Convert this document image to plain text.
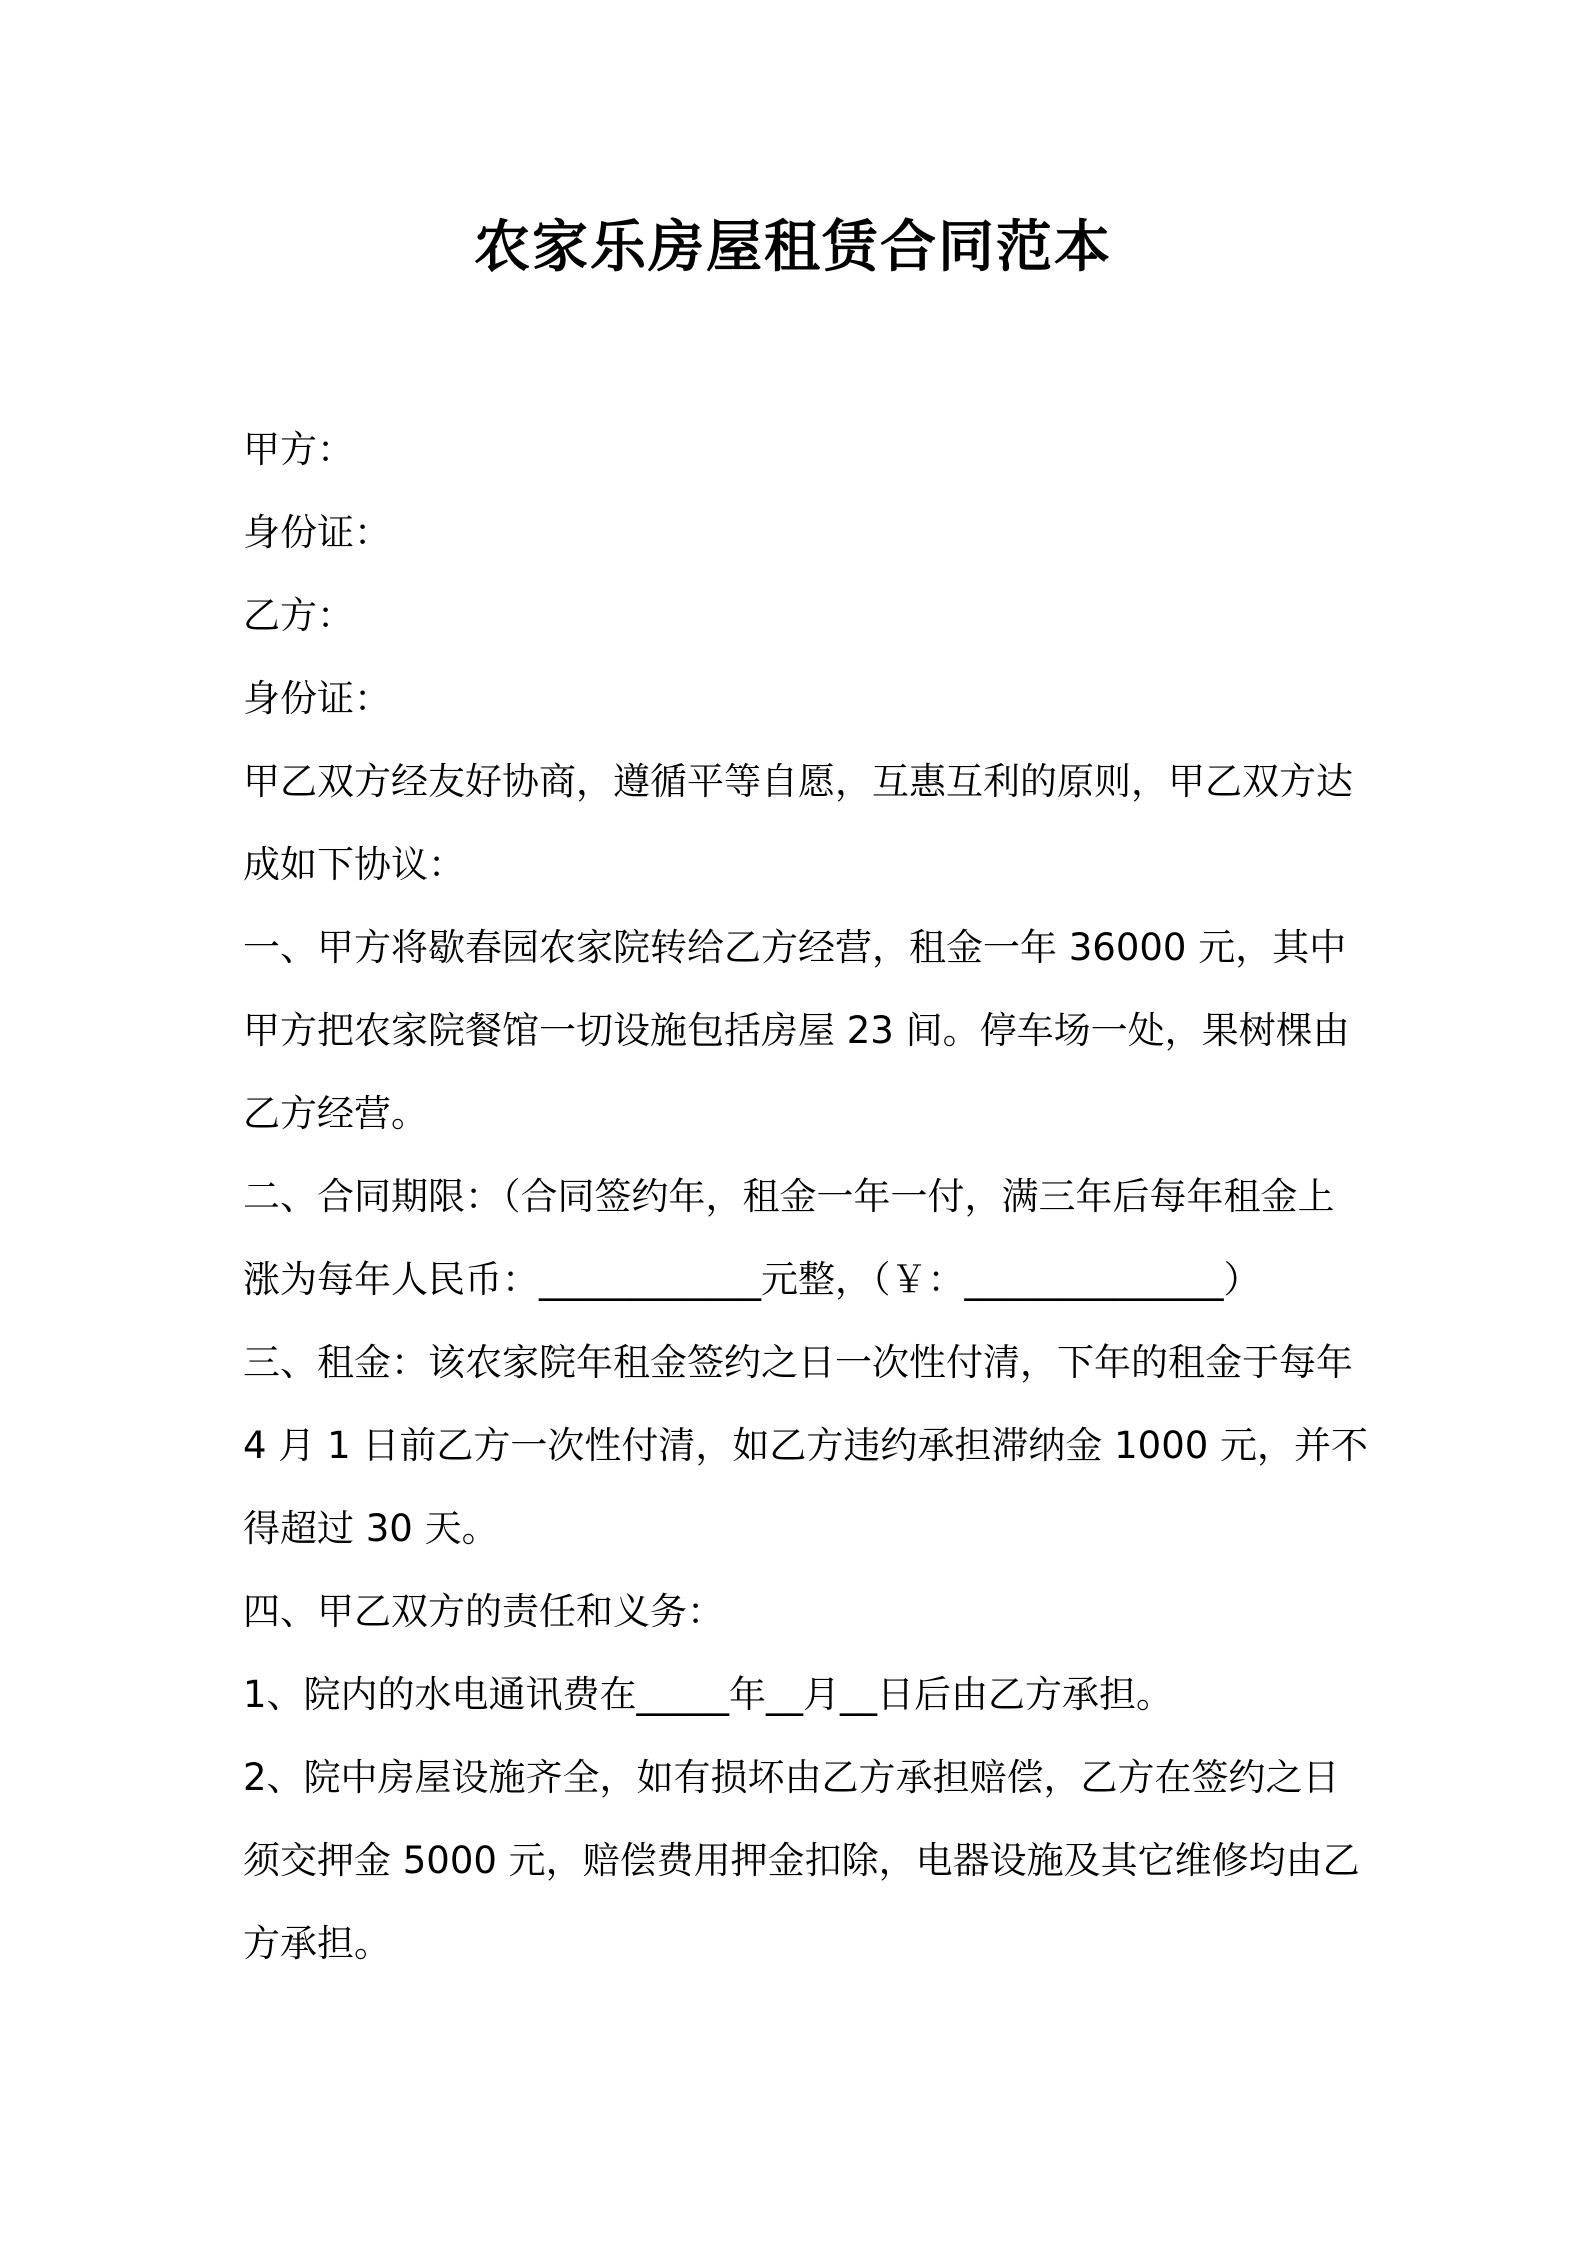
农家乐房屋租赁合同范本
甲方：
身份证：
乙方：
身份证：
甲乙双方经友好协商，遵循平等自愿，互惠互利的原则，甲乙双方达
成如下协议：
一、甲方将歇春园农家院转给乙方经营，租金一年 36000 元，其中
甲方把农家院餐馆一切设施包括房屋 23 间。停车场一处，果树棵由
乙方经营。
二、合同期限：（合同签约年，租金一年一付，满三年后每年租金上
涨为每年人民币：____________元整，（￥：______________）
三、租金：该农家院年租金签约之日一次性付清，下年的租金于每年
4 月 1 日前乙方一次性付清，如乙方违约承担滞纳金 1000 元，并不
得超过 30 天。
四、甲乙双方的责任和义务：
1、院内的水电通讯费在_____年__月__日后由乙方承担。
2、院中房屋设施齐全，如有损坏由乙方承担赔偿，乙方在签约之日
须交押金 5000 元，赔偿费用押金扣除，电器设施及其它维修均由乙
方承担。
